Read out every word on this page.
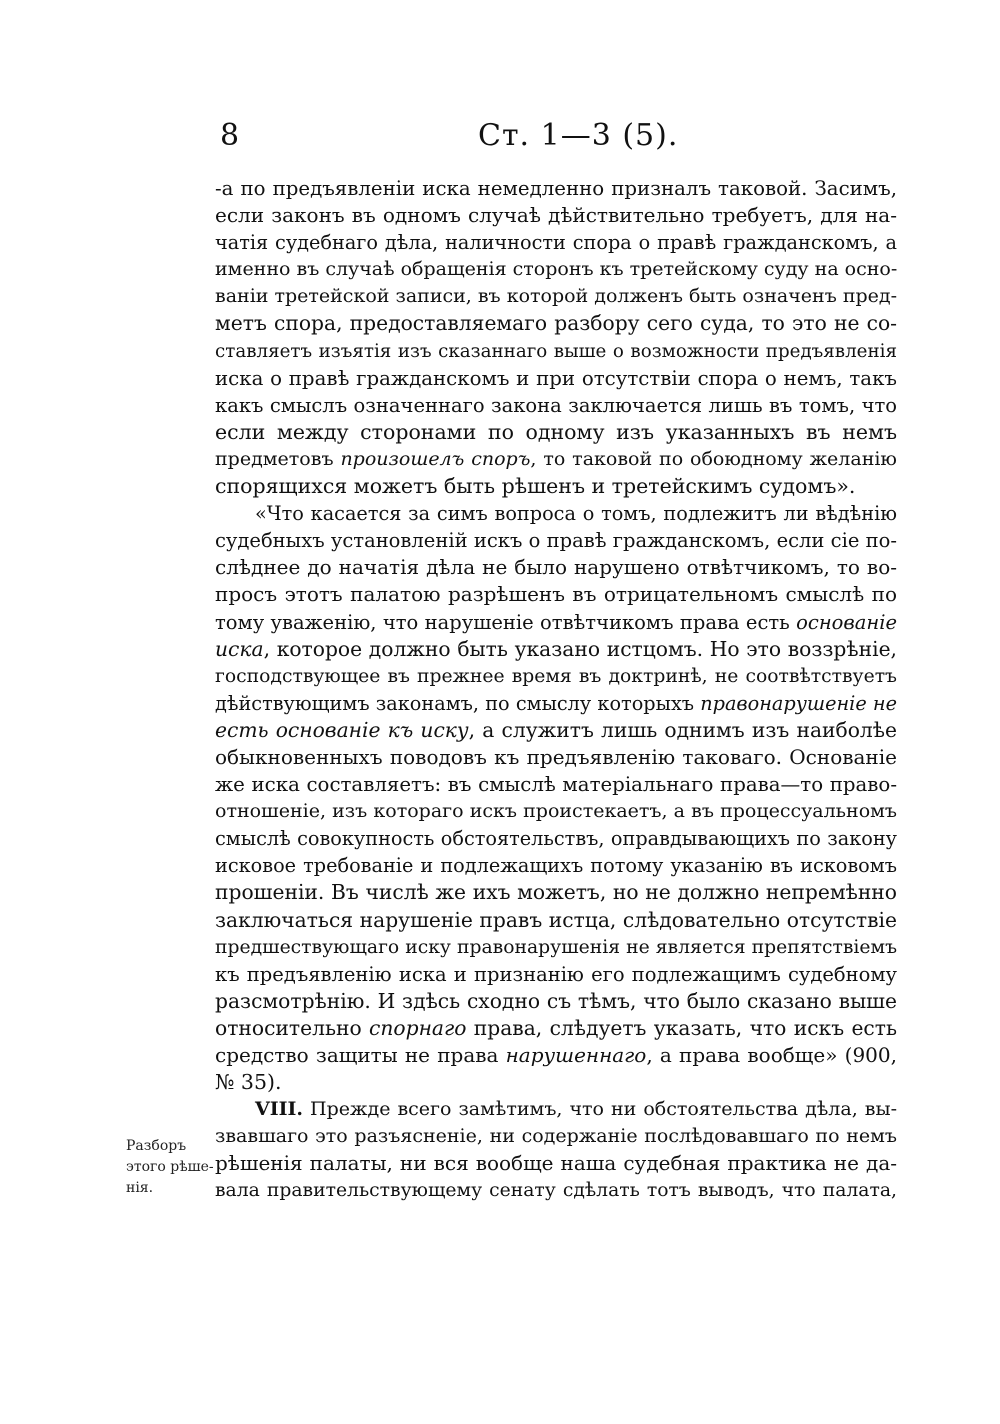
8	Ст. 1—3 (5).
Разборъ
этого рѣше-
нія.
-а по предъявленіи иска немедленно призналъ таковой. Засимъ,
если законъ въ одномъ случаѣ дѣйствительно требуетъ, для на-
чатія судебнаго дѣла, наличности спора о правѣ гражданскомъ, а
именно въ случаѣ обращенія сторонъ къ третейскому суду на осно-
ваніи третейской записи, въ которой долженъ быть означенъ пред-
метъ спора, предоставляемаго разбору сего суда, то это не со-
ставляетъ изъятія изъ сказаннаго выше о возможности предъявленія
иска о правѣ гражданскомъ и при отсутствіи спора о немъ, такъ
какъ смыслъ означеннаго закона заключается лишь въ томъ, что
если между сторонами по одному изъ указанныхъ въ немъ
предметовъ произошелъ споръ, то таковой по обоюдному желанію
спорящихся можетъ быть рѣшенъ и третейскимъ судомъ».
«Что касается за симъ вопроса о томъ, подлежитъ ли вѣдѣнію
судебныхъ установленій искъ о правѣ гражданскомъ, если сіе по-
слѣднее до начатія дѣла не было нарушено отвѣтчикомъ, то во-
просъ этотъ палатою разрѣшенъ въ отрицательномъ смыслѣ по
тому уваженію, что нарушеніе отвѣтчикомъ права есть основаніе
иска, которое должно быть указано истцомъ. Но это воззрѣніе,
господствующее въ прежнее время въ доктринѣ, не соотвѣтствуетъ
дѣйствующимъ законамъ, по смыслу которыхъ правонарушеніе не
есть основаніе къ иску, а служитъ лишь однимъ изъ наиболѣе
обыкновенныхъ поводовъ къ предъявленію таковаго. Основаніе
же иска составляетъ: въ смыслѣ матеріальнаго права—то право-
отношеніе, изъ котораго искъ проистекаетъ, а въ процессуальномъ
смыслѣ совокупность обстоятельствъ, оправдывающихъ по закону
исковое требованіе и подлежащихъ потому указанію въ исковомъ
прошеніи. Въ числѣ же ихъ можетъ, но не должно непремѣнно
заключаться нарушеніе правъ истца, слѣдовательно отсутствіе
предшествующаго иску правонарушенія не является препятствіемъ
къ предъявленію иска и признанію его подлежащимъ судебному
разсмотрѣнію. И здѣсь сходно съ тѣмъ, что было сказано выше
относительно спорнаго права, слѣдуетъ указать, что искъ есть
средство защиты не права нарушеннаго, а права вообще» (900,
№ 35).
VIII. Прежде всего замѣтимъ, что ни обстоятельства дѣла, вы-
звавшаго это разъясненіе, ни содержаніе послѣдовавшаго по немъ
рѣшенія палаты, ни вся вообще наша судебная практика не да-
вала правительствующему сенату сдѣлать тотъ выводъ, что палата,
